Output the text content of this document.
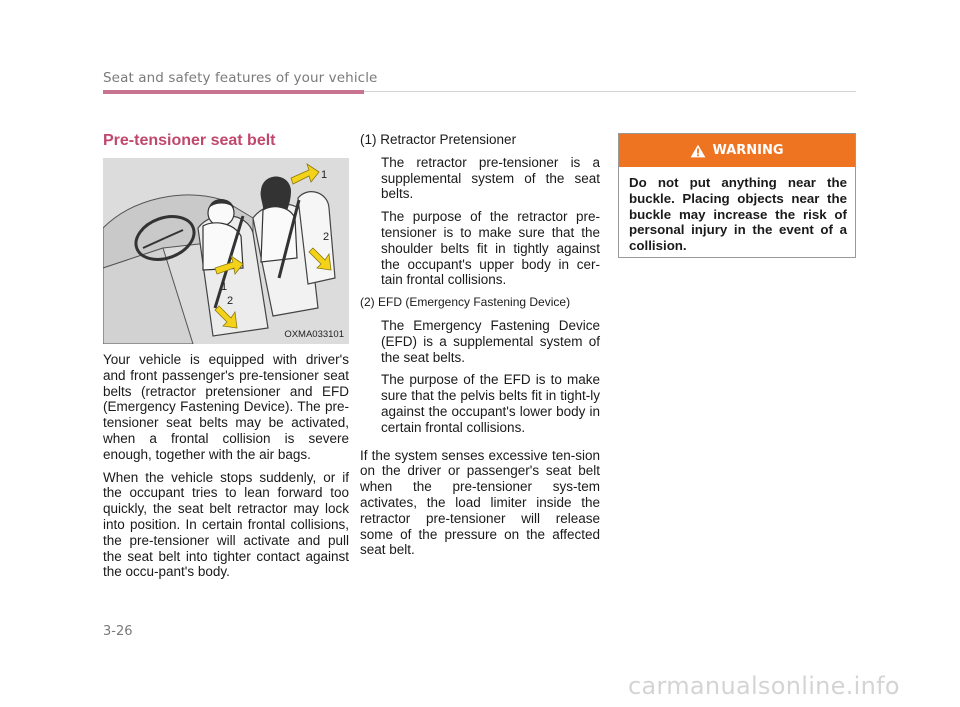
Seat and safety features of your vehicle
Pre-tensioner seat belt
1
2
1
2
OXMA033101

Your vehicle is equipped with driver's and front passenger's pre-tensioner seat belts (retractor pretensioner and EFD (Emergency Fastening Device). The pre-tensioner seat belts may be activated, when a frontal collision is severe enough, together with the air bags.

When the vehicle stops suddenly, or if the occupant tries to lean forward too quickly, the seat belt retractor may lock into position. In certain frontal collisions, the pre-tensioner will activate and pull the seat belt into tighter contact against the occu-pant's body.

(1) Retractor Pretensioner

The retractor pre-tensioner is a supplemental system of the seat belts.

The purpose of the retractor pre-tensioner is to make sure that the shoulder belts fit in tightly against the occupant's upper body in cer-tain frontal collisions.

(2) EFD (Emergency Fastening Device)

The Emergency Fastening Device (EFD) is a supplemental system of the seat belts.

The purpose of the EFD is to make sure that the pelvis belts fit in tight-ly against the occupant's lower body in certain frontal collisions.

If the system senses excessive ten-sion on the driver or passenger's seat belt when the pre-tensioner sys-tem activates, the load limiter inside the retractor pre-tensioner will release some of the pressure on the affected seat belt.

WARNING
Do not put anything near the buckle. Placing objects near the buckle may increase the risk of personal injury in the event of a collision.
3-26
carmanualsonline.info
